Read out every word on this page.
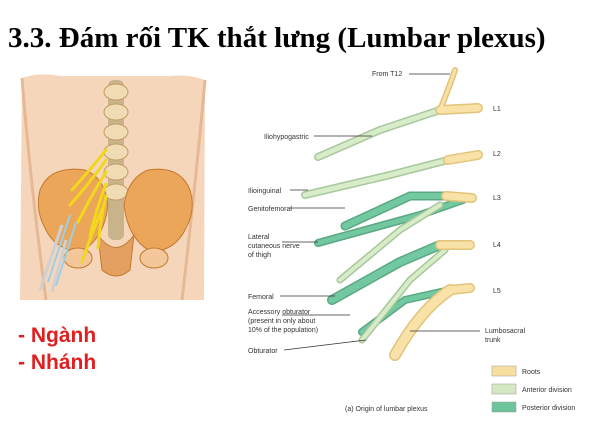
3.3. Đám rối TK thắt lưng (Lumbar plexus)
- Ngành
- Nhánh
From T12
L1
L2
L3
L4
L5
Iliohypogastric
Ilioinguinal
Genitofemoral
Lateral
cutaneous nerve
of thigh
Femoral
Accessory obturator
(present in only about
10% of the population)
Obturator
Lumbosacral
trunk
Roots
Anterior division
Posterior division
(a) Origin of lumbar plexus
